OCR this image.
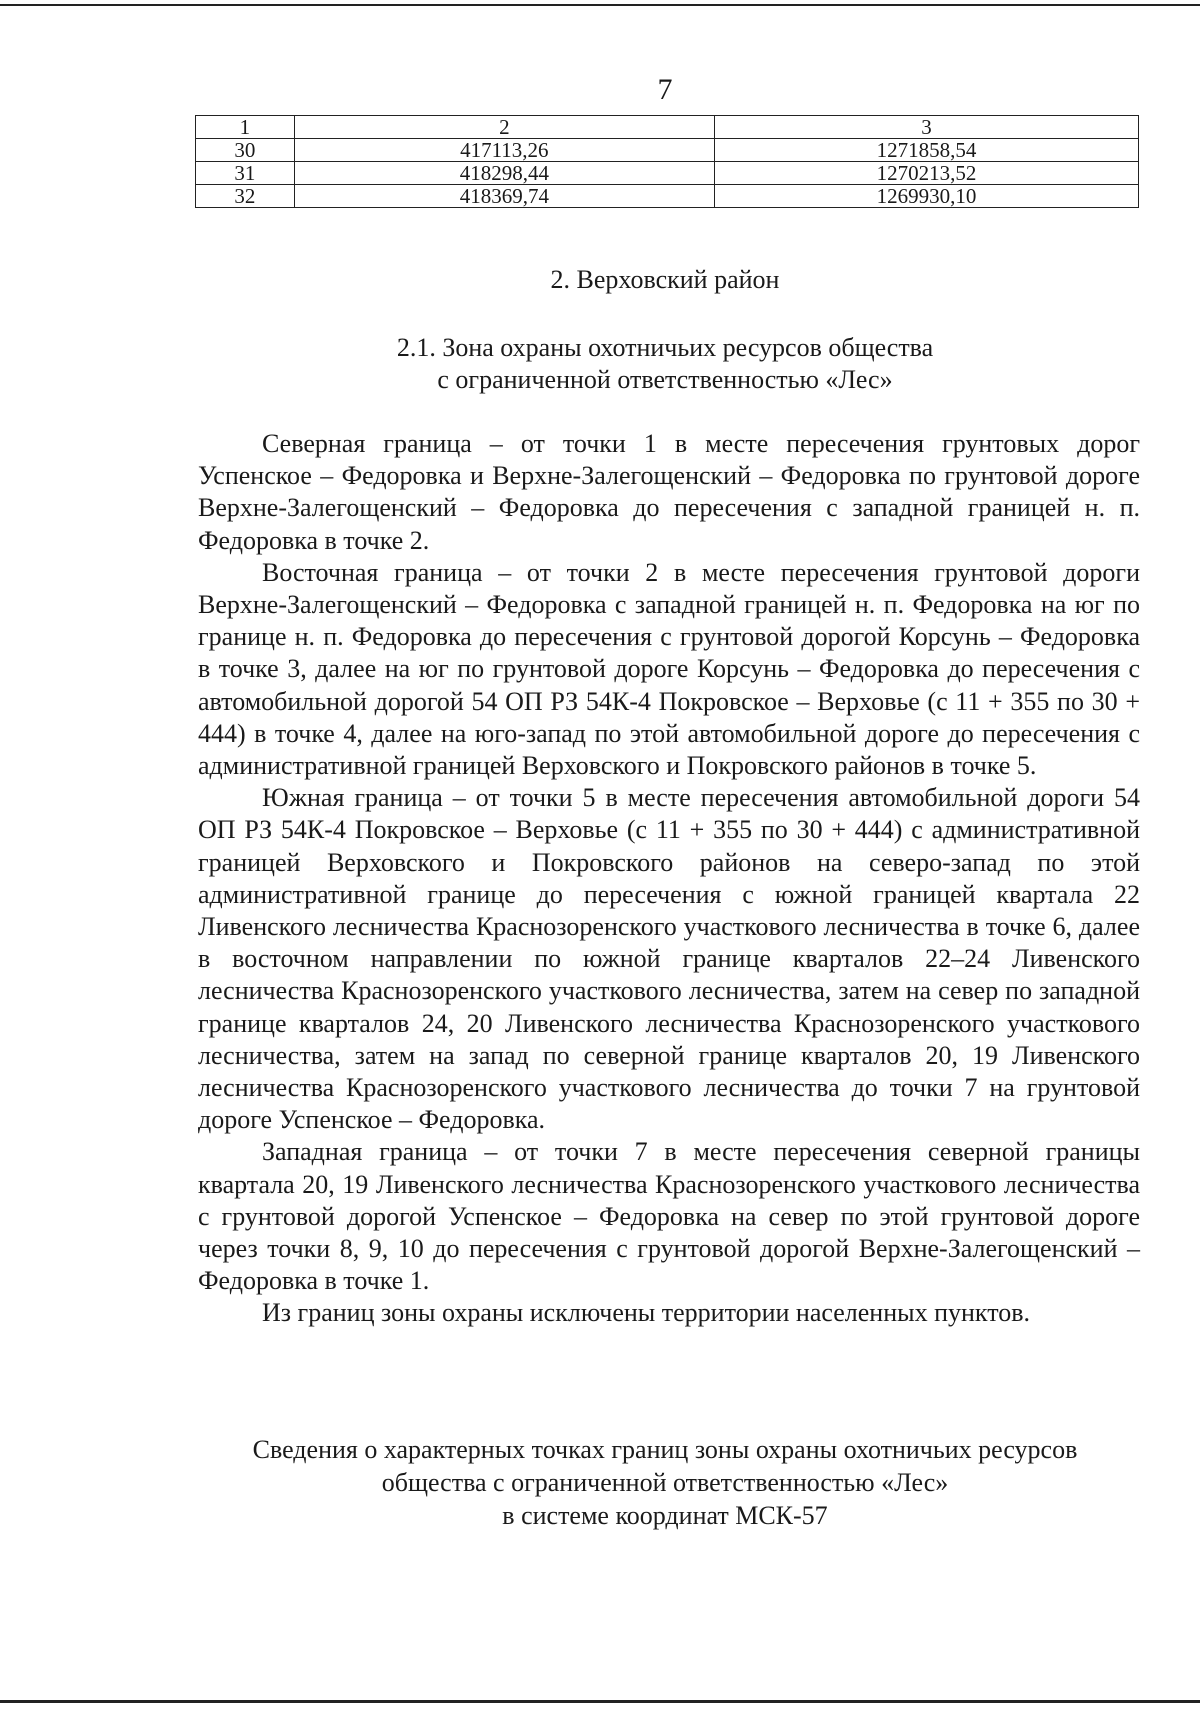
7
1	2	3
30	417113,26	1271858,54
31	418298,44	1270213,52
32	418369,74	1269930,10
2. Верховский район
2.1. Зона охраны охотничьих ресурсов общества
с ограниченной ответственностью «Лес»

Северная граница – от точки 1 в месте пересечения грунтовых дорог Успенское – Федоровка и Верхне-Залегощенский – Федоровка по грунтовой дороге Верхне-Залегощенский – Федоровка до пересечения с западной границей н. п. Федоровка в точке 2.

Восточная граница – от точки 2 в месте пересечения грунтовой дороги Верхне-Залегощенский – Федоровка с западной границей н. п. Федоровка на юг по границе н. п. Федоровка до пересечения с грунтовой дорогой Корсунь – Федоровка в точке 3, далее на юг по грунтовой дороге Корсунь – Федоровка до пересечения с автомобильной дорогой 54 ОП РЗ 54К-4 Покровское – Верховье (с 11 + 355 по 30 + 444) в точке 4, далее на юго-запад по этой автомобильной дороге до пересечения с административной границей Верховского и Покровского районов в точке 5.

Южная граница – от точки 5 в месте пересечения автомобильной дороги 54 ОП РЗ 54К-4 Покровское – Верховье (с 11 + 355 по 30 + 444) с административной границей Верховского и Покровского районов на северо-запад по этой административной границе до пересечения с южной границей квартала 22 Ливенского лесничества Краснозоренского участкового лесничества в точке 6, далее в восточном направлении по южной границе кварталов 22–24 Ливенского лесничества Краснозоренского участкового лесничества, затем на север по западной границе кварталов 24, 20 Ливенского лесничества Краснозоренского участкового лесничества, затем на запад по северной границе кварталов 20, 19 Ливенского лесничества Краснозоренского участкового лесничества до точки 7 на грунтовой дороге Успенское – Федоровка.

Западная граница – от точки 7 в месте пересечения северной границы квартала 20, 19 Ливенского лесничества Краснозоренского участкового лесничества с грунтовой дорогой Успенское – Федоровка на север по этой грунтовой дороге через точки 8, 9, 10 до пересечения с грунтовой дорогой Верхне-Залегощенский – Федоровка в точке 1.

Из границ зоны охраны исключены территории населенных пунктов.

Сведения о характерных точках границ зоны охраны охотничьих ресурсов
общества с ограниченной ответственностью «Лес»
в системе координат МСК-57
